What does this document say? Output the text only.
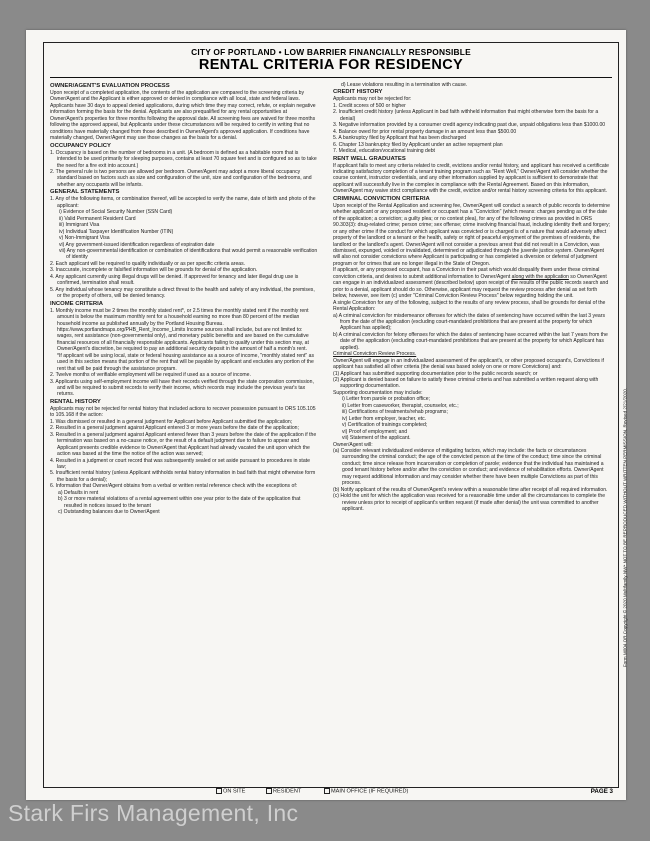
CITY OF PORTLAND • LOW BARRIER FINANCIALLY RESPONSIBLE
RENTAL CRITERIA FOR RESIDENCY
OWNER/AGENT'S EVALUATION PROCESS

Upon receipt of a completed application, the contents of the application are compared to the screening criteria by Owner/Agent and the Applicant is either approved or denied in compliance with all local, state and federal laws.

Applicants have 30 days to appeal denied applications, during which time they may correct, refute, or explain negative information forming the basis for the denial. Applicants are also prequalified for any rental opportunities at Owner/Agent's properties for three months following the approval date. All screening fees are waived for three months following the approved appeal, but Applicants under these circumstances will be required to certify in writing that no conditions have materially changed from those described in Owner/Agent's approved application. If conditions have materially changed, Owner/Agent may use those changes as the basis for a denial.

OCCUPANCY POLICY

1. Occupancy is based on the number of bedrooms in a unit. (A bedroom is defined as a habitable room that is intended to be used primarily for sleeping purposes, contains at least 70 square feet and is configured so as to take the need for a fire exit into account.)

2. The general rule is two persons are allowed per bedroom. Owner/Agent may adopt a more liberal occupancy standard based on factors such as size and configuration of the unit, size and configuration of the bedrooms, and whether any occupants will be infants.

GENERAL STATEMENTS

1. Any of the following items, or combination thereof, will be accepted to verify the name, date of birth and photo of the applicant:

i) Evidence of Social Security Number (SSN Card)
ii) Valid Permanent Resident Card
iii) Immigrant Visa
iv) Individual Taxpayer Identification Number (ITIN)
v) Non-Immigrant Visa
vi) Any government-issued identification regardless of expiration date
vii) Any non-governmental identification or combination of identifications that would permit a reasonable verification of identity

2. Each applicant will be required to qualify individually or as per specific criteria areas.

3. Inaccurate, incomplete or falsified information will be grounds for denial of the application.

4. Any applicant currently using illegal drugs will be denied. If approved for tenancy and later illegal drug use is confirmed, termination shall result.

5. Any individual whose tenancy may constitute a direct threat to the health and safety of any individual, the premises, or the property of others, will be denied tenancy.

INCOME CRITERIA

1. Monthly income must be 2 times the monthly stated rent*, or 2.5 times the monthly stated rent if the monthly rent amount is below the maximum monthly rent for a household earning no more than 80 percent of the median household income as published annually by the Portland Housing Bureau. https://www.portlandmaps.org/PHB_Rent_Income_Limits Income sources shall include, but are not limited to: wages, rent assistance (non-governmental only), and monetary public benefits and are based on the cumulative financial resources of all financially responsible applicants. Applicants failing to qualify under this section may, at Owner/Agent's discretion, be required to pay an additional security deposit in the amount of half a month's rent.

*If applicant will be using local, state or federal housing assistance as a source of income, "monthly stated rent" as used in this section means that portion of the rent that will be payable by applicant and excludes any portion of the rent that will be paid through the assistance program.

2. Twelve months of verifiable employment will be required if used as a source of income.

3. Applicants using self-employment income will have their records verified through the state corporation commission, and will be required to submit records to verify their income, which records may include the previous year's tax returns.

RENTAL HISTORY

Applicants may not be rejected for rental history that included actions to recover possession pursuant to ORS 105.105 to 105.168 if the action:

1. Was dismissed or resulted in a general judgment for Applicant before Applicant submitted the application;

2. Resulted in a general judgment against Applicant entered 3 or more years before the date of the application;

3. Resulted in a general judgment against Applicant entered fewer than 3 years before the date of the application if the termination was based on a no-cause notice, or the result of a default judgment due to failure to appear and Applicant presents credible evidence to Owner/Agent that Applicant had already vacated the unit upon which the action was based at the time the notice of the action was served;

4. Resulted in a judgment or court record that was subsequently sealed or set aside pursuant to procedures in state law;

5. Insufficient rental history (unless Applicant withholds rental history information in bad faith that might otherwise form the basis for a denial);

6. Information that Owner/Agent obtains from a verbal or written rental reference check with the exceptions of:

a) Defaults in rent
b) 3 or more material violations of a rental agreement within one year prior to the date of the application that resulted in notices issued to the tenant
c) Outstanding balances due to Owner/Agent

d) Lease violations resulting in a termination with cause.

CREDIT HISTORY

Applicants may not be rejected for:

1. Credit scores of 500 or higher
2. Insufficient credit history (unless Applicant in bad faith withheld information that might otherwise form the basis for a denial)
3. Negative information provided by a consumer credit agency indicating past due, unpaid obligations less than $1000.00
4. Balance owed for prior rental property damage in an amount less than $500.00
5. A bankruptcy filed by Applicant that has been discharged
6. Chapter 13 bankruptcy filed by Applicant under an active repayment plan
7. Medical, education/vocational training debt
RENT WELL GRADUATES

If applicant fails to meet any criteria related to credit, evictions and/or rental history, and applicant has received a certificate indicating satisfactory completion of a tenant training program such as "Rent Well," Owner/Agent will consider whether the course content, instructor credentials, and any other information supplied by applicant is sufficient to demonstrate that applicant will successfully live in the complex in compliance with the Rental Agreement. Based on this information, Owner/Agent may waive strict compliance with the credit, eviction and/or rental history screening criteria for this applicant.

CRIMINAL CONVICTION CRITERIA

Upon receipt of the Rental Application and screening fee, Owner/Agent will conduct a search of public records to determine whether applicant or any proposed resident or occupant has a "Conviction" (which means: charges pending as of the date of the application; a conviction; a guilty plea; or no contest plea), for any of the following crimes as provided in ORS 90.303(3): drug-related crime; person crime; sex offense; crime involving financial fraud, including identity theft and forgery; or any other crime if the conduct for which applicant was convicted or is charged is of a nature that would adversely affect property of the landlord or a tenant or the health, safety or right of peaceful enjoyment of the premises of residents, the landlord or the landlord's agent. Owner/Agent will not consider a previous arrest that did not result in a Conviction, was dismissed, expunged, voided or invalidated, determined or adjudicated through the juvenile justice system. Owner/Agent will also not consider convictions where Applicant is participating or has completed a diversion or deferral of judgment program or for crimes that are no longer illegal in the State of Oregon.

If applicant, or any proposed occupant, has a Conviction in their past which would disqualify them under these criminal conviction criteria, and desires to submit additional information to Owner/Agent along with the application so Owner/Agent can engage in an individualized assessment (described below) upon receipt of the results of the public records search and prior to a denial, applicant should do so. Otherwise, applicant may request the review process after denial as set forth below, however, see item (c) under "Criminal Conviction Review Process" below regarding holding the unit.

A single Conviction for any of the following, subject to the results of any review process, shall be grounds for denial of the Rental Application:

a) A criminal conviction for misdemeanor offenses for which the dates of sentencing have occurred within the last 3 years from the date of the application (excluding court-mandated prohibitions that are present at the property for which Applicant has applied);

b) A criminal conviction for felony offenses for which the dates of sentencing have occurred within the last 7 years from the date of the application (excluding court-mandated prohibitions that are present at the property for which Applicant has applied).

Criminal Conviction Review Process.

Owner/Agent will engage in an individualized assessment of the applicant's, or other proposed occupant's, Convictions if applicant has satisfied all other criteria (the denial was based solely on one or more Convictions) and:

(1) Applicant has submitted supporting documentation prior to the public records search; or

(2) Applicant is denied based on failure to satisfy these criminal criteria and has submitted a written request along with supporting documentation.

Supporting documentation may include:

i) Letter from parole or probation office;
ii) Letter from caseworker, therapist, counselor, etc.;
iii) Certifications of treatments/rehab programs;
iv) Letter from employer, teacher, etc.
v) Certification of trainings completed;
vi) Proof of employment; and
vii) Statement of the applicant.

Owner/Agent will:

(a) Consider relevant individualized evidence of mitigating factors, which may include: the facts or circumstances surrounding the criminal conduct; the age of the convicted person at the time of the conduct; time since the criminal conduct; time since release from incarceration or completion of parole; evidence that the individual has maintained a good tenant history before and/or after the conviction or conduct; and evidence of rehabilitation efforts. Owner/Agent may request additional information and may consider whether there have been multiple Convictions as part of this process.

(b) Notify applicant of the results of Owner/Agent's review within a reasonable time after receipt of all required information.

(c) Hold the unit for which the application was received for a reasonable time under all the circumstances to complete the review unless prior to receipt of applicant's written request (if made after denial) the unit was committed to another applicant.	Form M004 OR Copyright © 2020 Multifamily NW* NOT TO BE REPRODUCED WITHOUT WRITTEN PERMISSION. Revised 2/21/2020.
ON SITE	RESIDENT	MAIN OFFICE (IF REQUIRED)	PAGE 3
Stark Firs Management, Inc
